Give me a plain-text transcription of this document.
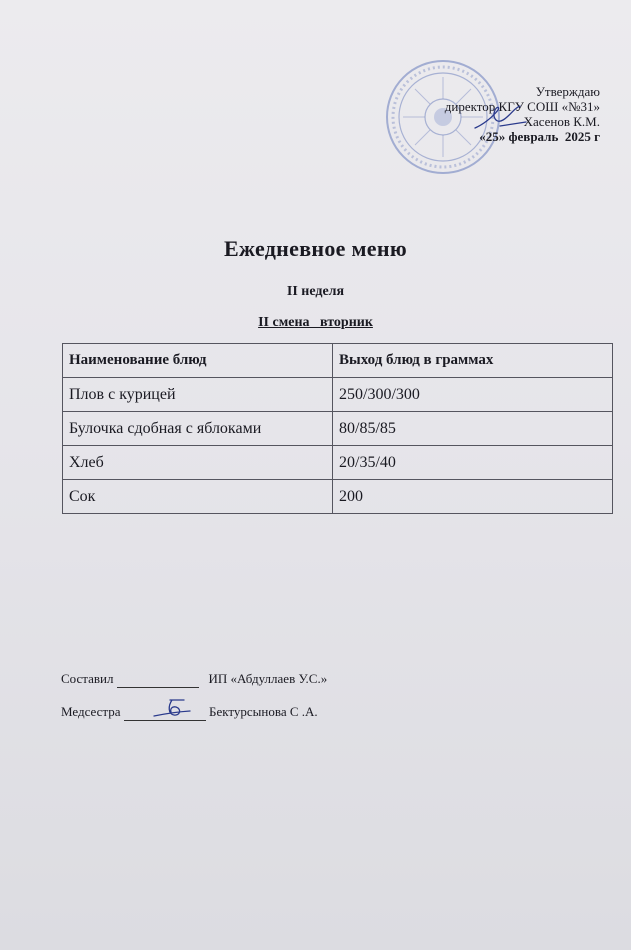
Утверждаю
директор КГУ СОШ «№31»
Хасенов К.М.
«25» февраль 2025 г
Ежедневное меню
II неделя
II смена   вторник
Наименование блюд	Выход блюд в граммах
Плов с курицей	250/300/300
Булочка сдобная с яблоками	80/85/85
Хлеб	20/35/40
Сок	200
Составил	ИП «Абдуллаев У.С.»
Медсестра	Бектурсынова С .А.
